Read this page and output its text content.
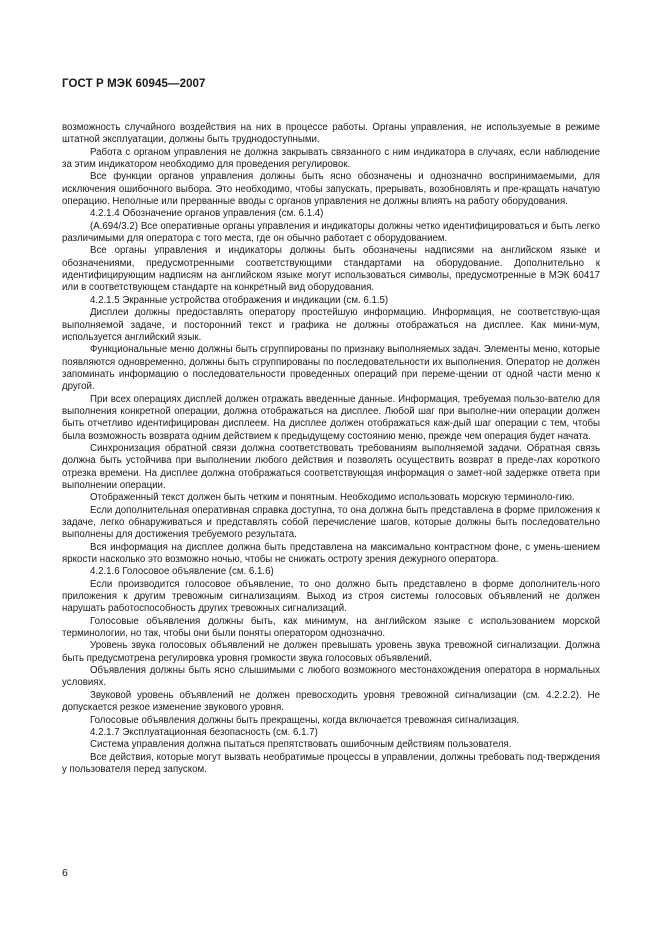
ГОСТ Р МЭК 60945—2007

возможность случайного воздействия на них в процессе работы. Органы управления, не используемые в режиме штатной эксплуатации, должны быть труднодоступными.

Работа с органом управления не должна закрывать связанного с ним индикатора в случаях, если наблюдение за этим индикатором необходимо для проведения регулировок.

Все функции органов управления должны быть ясно обозначены и однозначно воспринимаемыми, для исключения ошибочного выбора. Это необходимо, чтобы запускать, прерывать, возобновлять и пре-кращать начатую операцию. Неполные или прерванные вводы с органов управления не должны влиять на работу оборудования.

4.2.1.4 Обозначение органов управления (см. 6.1.4)

(A.694/3.2) Все оперативные органы управления и индикаторы должны четко идентифицироваться и быть легко различимыми для оператора с того места, где он обычно работает с оборудованием.

Все органы управления и индикаторы должны быть обозначены надписями на английском языке и обозначениями, предусмотренными соответствующими стандартами на оборудование. Дополнительно к идентифицирующим надписям на английском языке могут использоваться символы, предусмотренные в МЭК 60417 или в соответствующем стандарте на конкретный вид оборудования.

4.2.1.5 Экранные устройства отображения и индикации (см. 6.1.5)

Дисплеи должны предоставлять оператору простейшую информацию. Информация, не соответствую-щая выполняемой задаче, и посторонний текст и графика не должны отображаться на дисплее. Как мини-мум, используется английский язык.

Функциональные меню должны быть сгруппированы по признаку выполняемых задач. Элементы меню, которые появляются одновременно, должны быть сгруппированы по последовательности их выполнения. Оператор не должен запоминать информацию о последовательности проведенных операций при переме-щении от одной части меню к другой.

При всех операциях дисплей должен отражать введенные данные. Информация, требуемая пользо-вателю для выполнения конкретной операции, должна отображаться на дисплее. Любой шаг при выполне-нии операции должен быть отчетливо идентифицирован дисплеем. На дисплее должен отображаться каж-дый шаг операции с тем, чтобы была возможность возврата одним действием к предыдущему состоянию меню, прежде чем операция будет начата.

Синхронизация обратной связи должна соответствовать требованиям выполняемой задачи. Обратная связь должна быть устойчива при выполнении любого действия и позволять осуществить возврат в преде-лах короткого отрезка времени. На дисплее должна отображаться соответствующая информация о замет-ной задержке ответа при выполнении операции.

Отображенный текст должен быть четким и понятным. Необходимо использовать морскую терминоло-гию.

Если дополнительная оперативная справка доступна, то она должна быть представлена в форме приложения к задаче, легко обнаруживаться и представлять собой перечисление шагов, которые должны быть последовательно выполнены для достижения требуемого результата.

Вся информация на дисплее должна быть представлена на максимально контрастном фоне, с умень-шением яркости насколько это возможно ночью, чтобы не снижать остроту зрения дежурного оператора.

4.2.1.6 Голосовое объявление (см. 6.1.6)

Если производится голосовое объявление, то оно должно быть представлено в форме дополнитель-ного приложения к другим тревожным сигнализациям. Выход из строя системы голосовых объявлений не должен нарушать работоспособность других тревожных сигнализаций.

Голосовые объявления должны быть, как минимум, на английском языке с использованием морской терминологии, но так, чтобы они были поняты оператором однозначно.

Уровень звука голосовых объявлений не должен превышать уровень звука тревожной сигнализации. Должна быть предусмотрена регулировка уровня громкости звука голосовых объявлений.

Объявления должны быть ясно слышимыми с любого возможного местонахождения оператора в нормальных условиях.

Звуковой уровень объявлений не должен превосходить уровня тревожной сигнализации (см. 4.2.2.2). Не допускается резкое изменение звукового уровня.

Голосовые объявления должны быть прекращены, когда включается тревожная сигнализация.

4.2.1.7 Эксплуатационная безопасность (см. 6.1.7)

Система управления должна пытаться препятствовать ошибочным действиям пользователя.

Все действия, которые могут вызвать необратимые процессы в управлении, должны требовать под-тверждения у пользователя перед запуском.

6
